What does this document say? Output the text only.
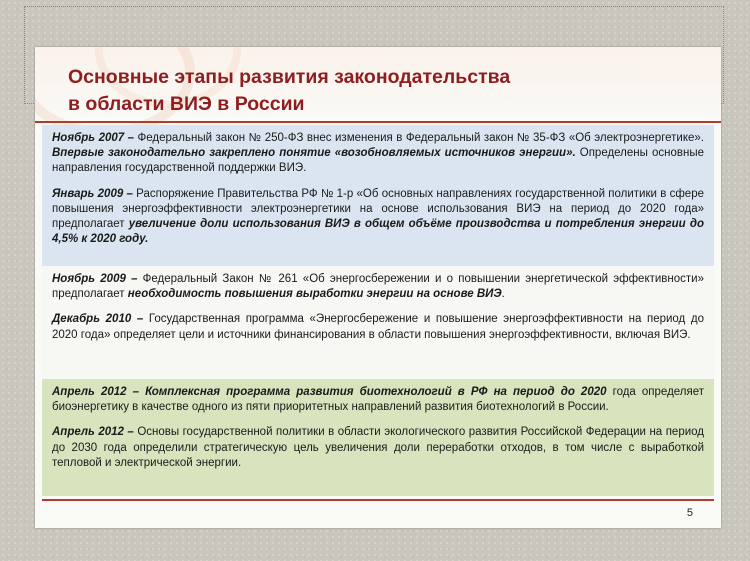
Основные этапы развития законодательства
в области ВИЭ в России

Ноябрь 2007 – Федеральный закон № 250-ФЗ внес изменения в Федеральный закон № 35-ФЗ «Об электроэнергетике». Впервые законодательно закреплено понятие «возобновляемых источников энергии». Определены основные направления государственной поддержки ВИЭ.

Январь 2009 – Распоряжение Правительства РФ № 1-р «Об основных направлениях государственной политики в сфере повышения энергоэффективности электроэнергетики на основе использования ВИЭ на период до 2020 года» предполагает увеличение доли использования ВИЭ в общем объёме производства и потребления энергии до 4,5% к 2020 году.

Ноябрь 2009 – Федеральный Закон № 261 «Об энергосбережении и о повышении энергетической эффективности» предполагает необходимость повышения выработки энергии на основе ВИЭ.

Декабрь 2010 – Государственная программа «Энергосбережение и повышение энергоэффективности на период до 2020 года» определяет цели и источники финансирования в области повышения энергоэффективности, включая ВИЭ.

Апрель 2012 – Комплексная программа развития биотехнологий в РФ на период до 2020 года определяет биоэнергетику в качестве одного из пяти приоритетных направлений развития биотехнологий в России.

Апрель 2012 – Основы государственной политики в области экологического развития Российской Федерации на период до 2030 года определили стратегическую цель увеличения доли переработки отходов, в том числе с выработкой тепловой и электрической энергии.

5
